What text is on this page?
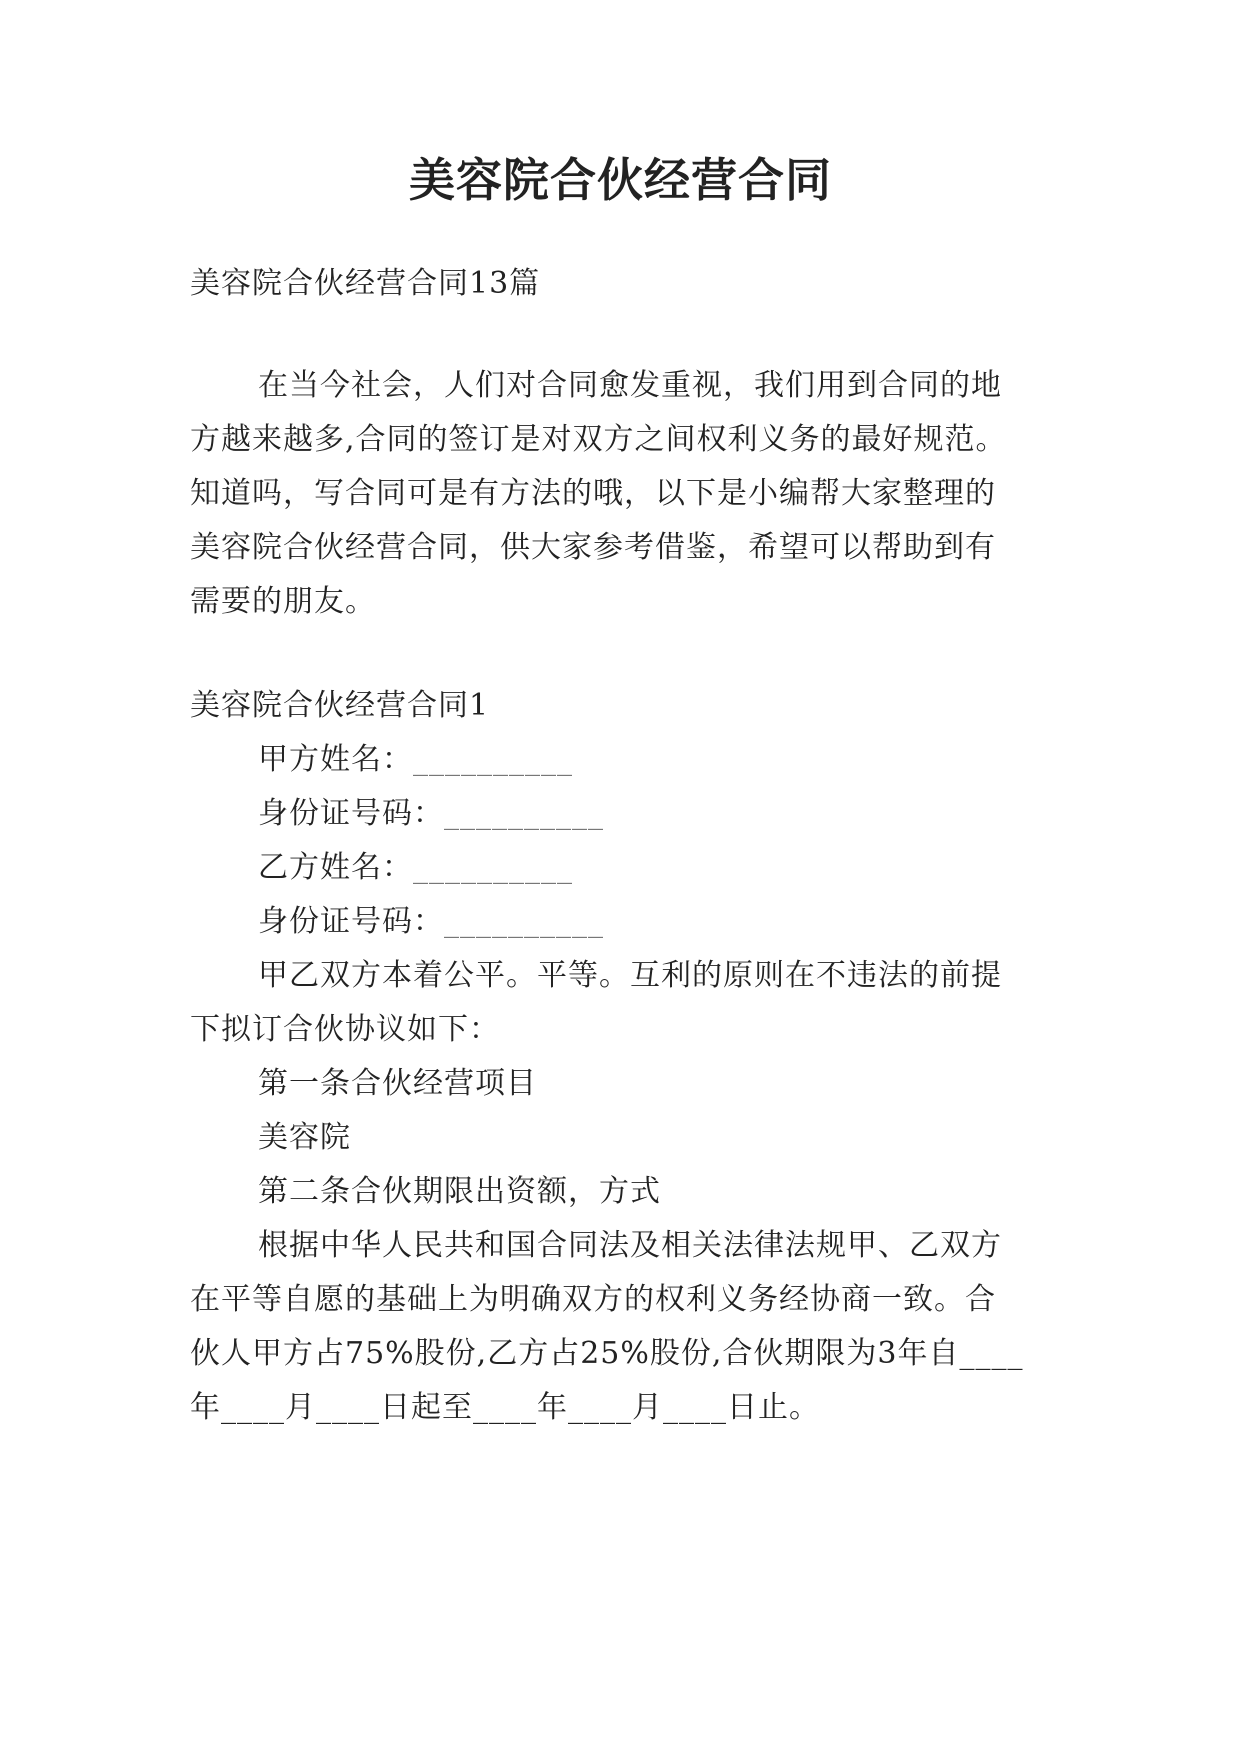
美容院合伙经营合同
美容院合伙经营合同13篇
在当今社会，人们对合同愈发重视，我们用到合同的地
方越来越多,合同的签订是对双方之间权利义务的最好规范。
知道吗，写合同可是有方法的哦，以下是小编帮大家整理的
美容院合伙经营合同，供大家参考借鉴，希望可以帮助到有
需要的朋友。
美容院合伙经营合同1
甲方姓名：__________
身份证号码：__________
乙方姓名：__________
身份证号码：__________
甲乙双方本着公平。平等。互利的原则在不违法的前提
下拟订合伙协议如下：
第一条合伙经营项目
美容院
第二条合伙期限出资额，方式
根据中华人民共和国合同法及相关法律法规甲、乙双方
在平等自愿的基础上为明确双方的权利义务经协商一致。合
伙人甲方占75%股份,乙方占25%股份,合伙期限为3年自____
年____月____日起至____年____月____日止。
